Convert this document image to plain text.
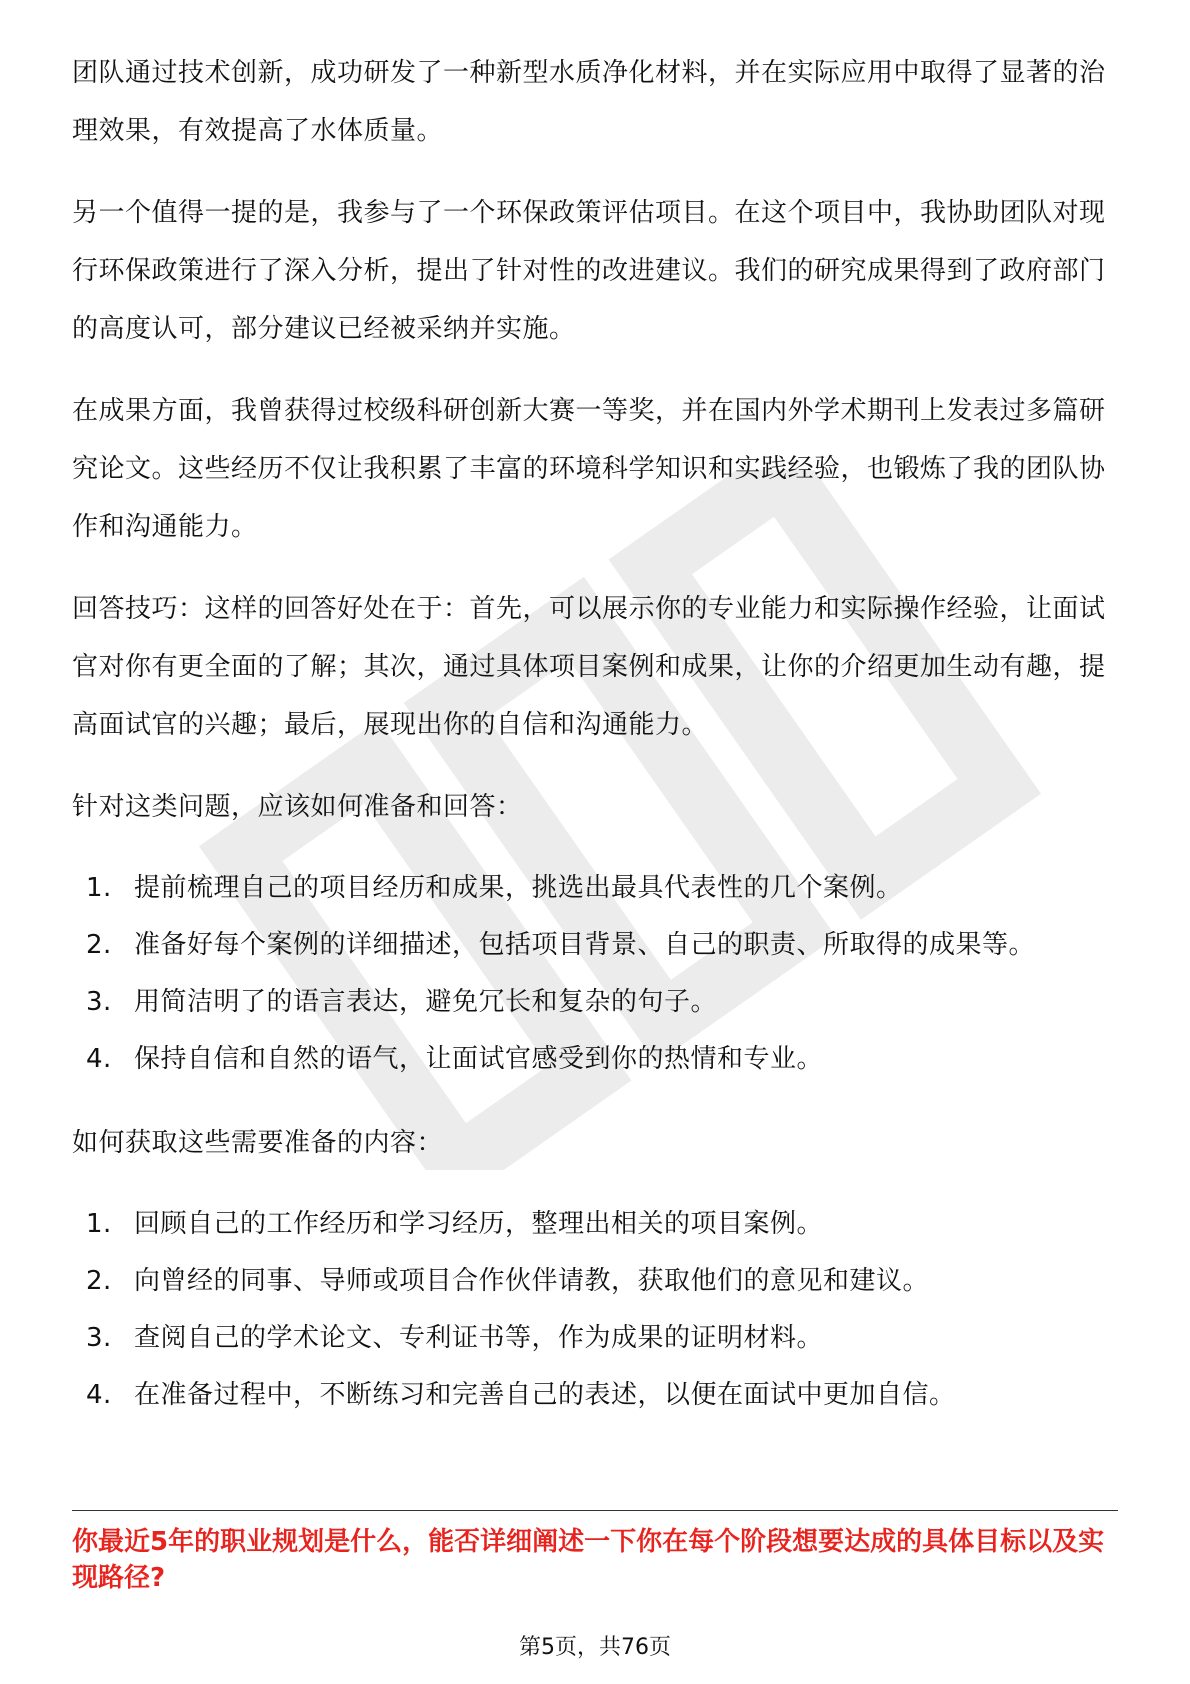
团队通过技术创新，成功研发了一种新型水质净化材料，并在实际应用中取得了显著的治理效果，有效提高了水体质量。

另一个值得一提的是，我参与了一个环保政策评估项目。在这个项目中，我协助团队对现行环保政策进行了深入分析，提出了针对性的改进建议。我们的研究成果得到了政府部门的高度认可，部分建议已经被采纳并实施。

在成果方面，我曾获得过校级科研创新大赛一等奖，并在国内外学术期刊上发表过多篇研究论文。这些经历不仅让我积累了丰富的环境科学知识和实践经验，也锻炼了我的团队协作和沟通能力。

回答技巧：这样的回答好处在于：首先，可以展示你的专业能力和实际操作经验，让面试官对你有更全面的了解；其次，通过具体项目案例和成果，让你的介绍更加生动有趣，提高面试官的兴趣；最后，展现出你的自信和沟通能力。

针对这类问题，应该如何准备和回答：

1. 提前梳理自己的项目经历和成果，挑选出最具代表性的几个案例。
2. 准备好每个案例的详细描述，包括项目背景、自己的职责、所取得的成果等。
3. 用简洁明了的语言表达，避免冗长和复杂的句子。
4. 保持自信和自然的语气，让面试官感受到你的热情和专业。

如何获取这些需要准备的内容：

1. 回顾自己的工作经历和学习经历，整理出相关的项目案例。
2. 向曾经的同事、导师或项目合作伙伴请教，获取他们的意见和建议。
3. 查阅自己的学术论文、专利证书等，作为成果的证明材料。
4. 在准备过程中，不断练习和完善自己的表述，以便在面试中更加自信。
你最近5年的职业规划是什么，能否详细阐述一下你在每个阶段想要达成的具体目标以及实现路径?
第5页，共76页
